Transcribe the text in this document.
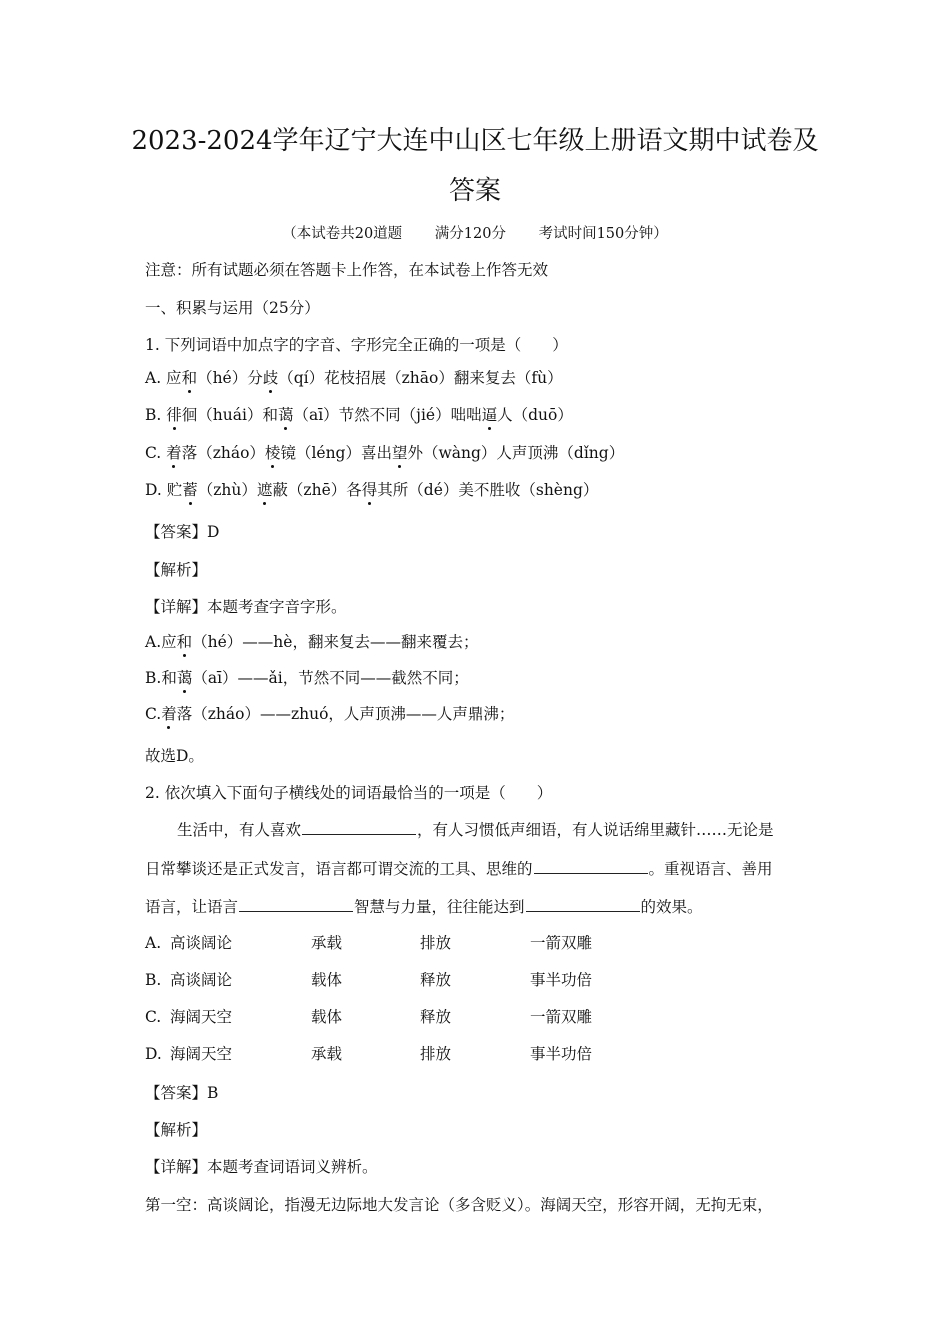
2023-2024学年辽宁大连中山区七年级上册语文期中试卷及
答案
（本试卷共20道题 满分120分 考试时间150分钟）
注意：所有试题必须在答题卡上作答，在本试卷上作答无效
一、积累与运用（25分）
1. 下列词语中加点字的字音、字形完全正确的一项是（　　）
A. 应和（hé）分歧（qí）花枝招展（zhāo）翻来复去（fù）
B. 徘徊（huái）和蔼（aī）节然不同（jié）咄咄逼人（duō）
C. 着落（zháo）棱镜（léng）喜出望外（wàng）人声顶沸（dǐng）
D. 贮蓄（zhù）遮蔽（zhē）各得其所（dé）美不胜收（shèng）
【答案】D
【解析】
【详解】本题考查字音字形。
A.应和（hé）——hè，翻来复去——翻来覆去；
B.和蔼（aī）——ǎi，节然不同——截然不同；
C.着落（zháo）——zhuó，人声顶沸——人声鼎沸；
故选D。
2. 依次填入下面句子横线处的词语最恰当的一项是（　　）
生活中，有人喜欢	，有人习惯低声细语，有人说话绵里藏针……无论是
日常攀谈还是正式发言，语言都可谓交流的工具、思维的	。重视语言、善用
语言，让语言	智慧与力量，往往能达到	的效果。
A. 高谈阔论	承载	排放	一箭双雕
B. 高谈阔论	载体	释放	事半功倍
C. 海阔天空	载体	释放	一箭双雕
D. 海阔天空	承载	排放	事半功倍
【答案】B
【解析】
【详解】本题考查词语词义辨析。
第一空：高谈阔论，指漫无边际地大发言论（多含贬义）。海阔天空，形容开阔，无拘无束，
